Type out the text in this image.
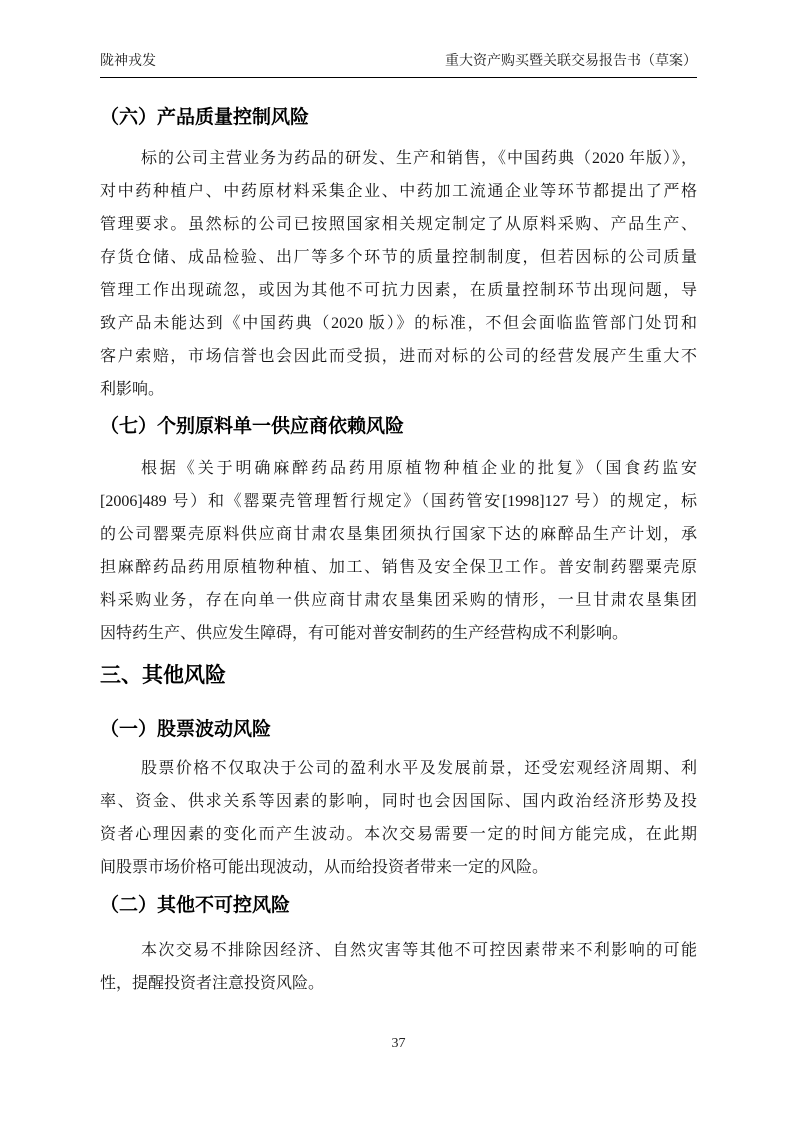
陇神戎发	重大资产购买暨关联交易报告书（草案）
（六）产品质量控制风险
标的公司主营业务为药品的研发、生产和销售，《中国药典（2020 年版）》，
对中药种植户、中药原材料采集企业、中药加工流通企业等环节都提出了严格
管理要求。虽然标的公司已按照国家相关规定制定了从原料采购、产品生产、
存货仓储、成品检验、出厂等多个环节的质量控制制度，但若因标的公司质量
管理工作出现疏忽，或因为其他不可抗力因素，在质量控制环节出现问题，导
致产品未能达到《中国药典（2020 版）》的标准，不但会面临监管部门处罚和
客户索赔，市场信誉也会因此而受损，进而对标的公司的经营发展产生重大不
利影响。
（七）个别原料单一供应商依赖风险
根据《关于明确麻醉药品药用原植物种植企业的批复》（国食药监安
[2006]489 号）和《罂粟壳管理暂行规定》（国药管安[1998]127 号）的规定，标
的公司罂粟壳原料供应商甘肃农垦集团须执行国家下达的麻醉品生产计划，承
担麻醉药品药用原植物种植、加工、销售及安全保卫工作。普安制药罂粟壳原
料采购业务，存在向单一供应商甘肃农垦集团采购的情形，一旦甘肃农垦集团
因特药生产、供应发生障碍，有可能对普安制药的生产经营构成不利影响。
三、其他风险
（一）股票波动风险
股票价格不仅取决于公司的盈利水平及发展前景，还受宏观经济周期、利
率、资金、供求关系等因素的影响，同时也会因国际、国内政治经济形势及投
资者心理因素的变化而产生波动。本次交易需要一定的时间方能完成，在此期
间股票市场价格可能出现波动，从而给投资者带来一定的风险。
（二）其他不可控风险
本次交易不排除因经济、自然灾害等其他不可控因素带来不利影响的可能
性，提醒投资者注意投资风险。
37
